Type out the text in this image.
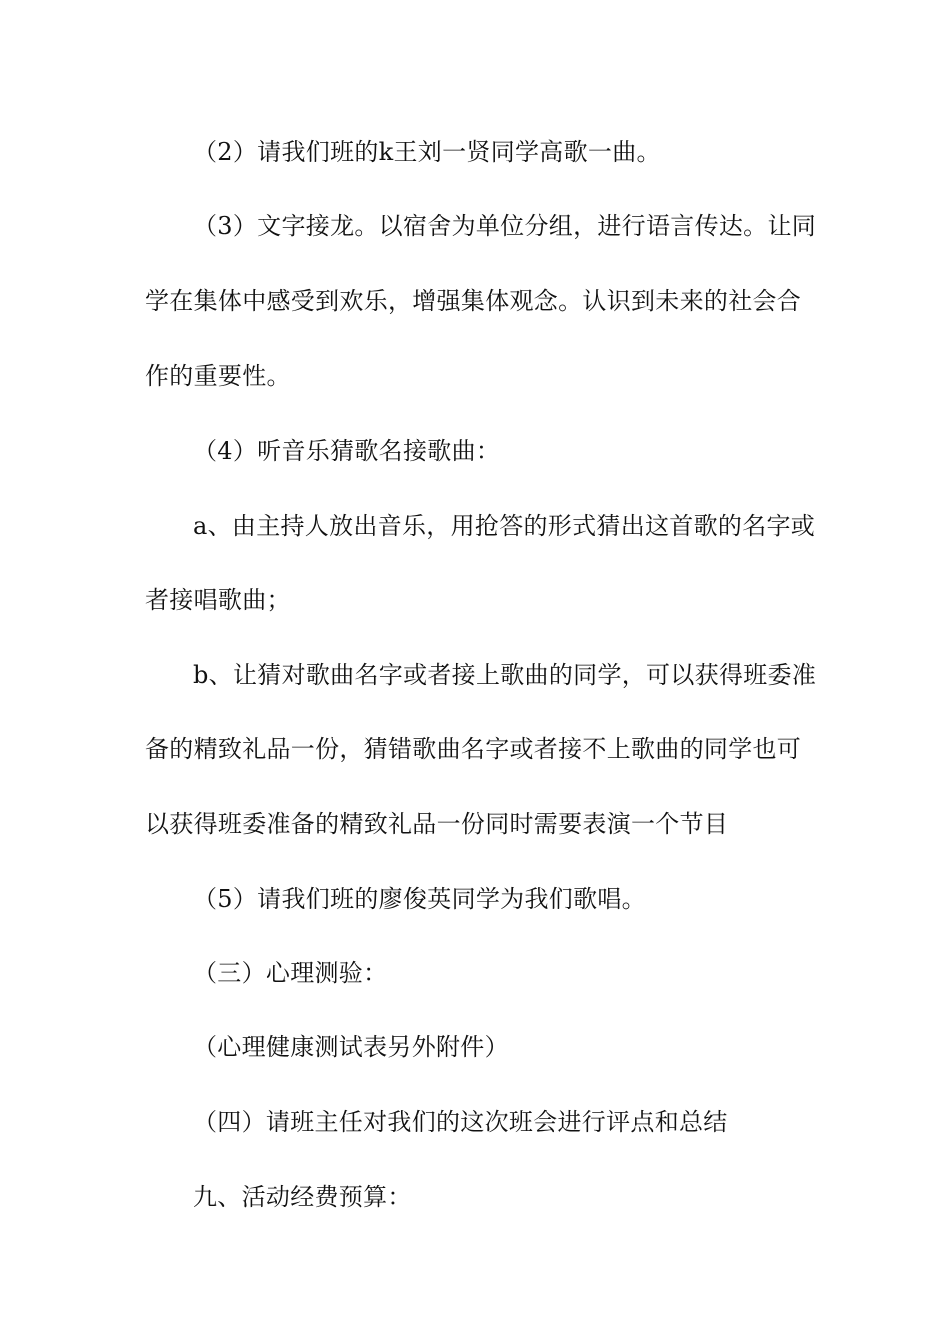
（2）请我们班的k王刘一贤同学高歌一曲。
（3）文字接龙。以宿舍为单位分组，进行语言传达。让同
学在集体中感受到欢乐，增强集体观念。认识到未来的社会合
作的重要性。
（4）听音乐猜歌名接歌曲：
a、由主持人放出音乐，用抢答的形式猜出这首歌的名字或
者接唱歌曲；
b、让猜对歌曲名字或者接上歌曲的同学，可以获得班委准
备的精致礼品一份，猜错歌曲名字或者接不上歌曲的同学也可
以获得班委准备的精致礼品一份同时需要表演一个节目
（5）请我们班的廖俊英同学为我们歌唱。
（三）心理测验：
（心理健康测试表另外附件）
（四）请班主任对我们的这次班会进行评点和总结
九、活动经费预算：
